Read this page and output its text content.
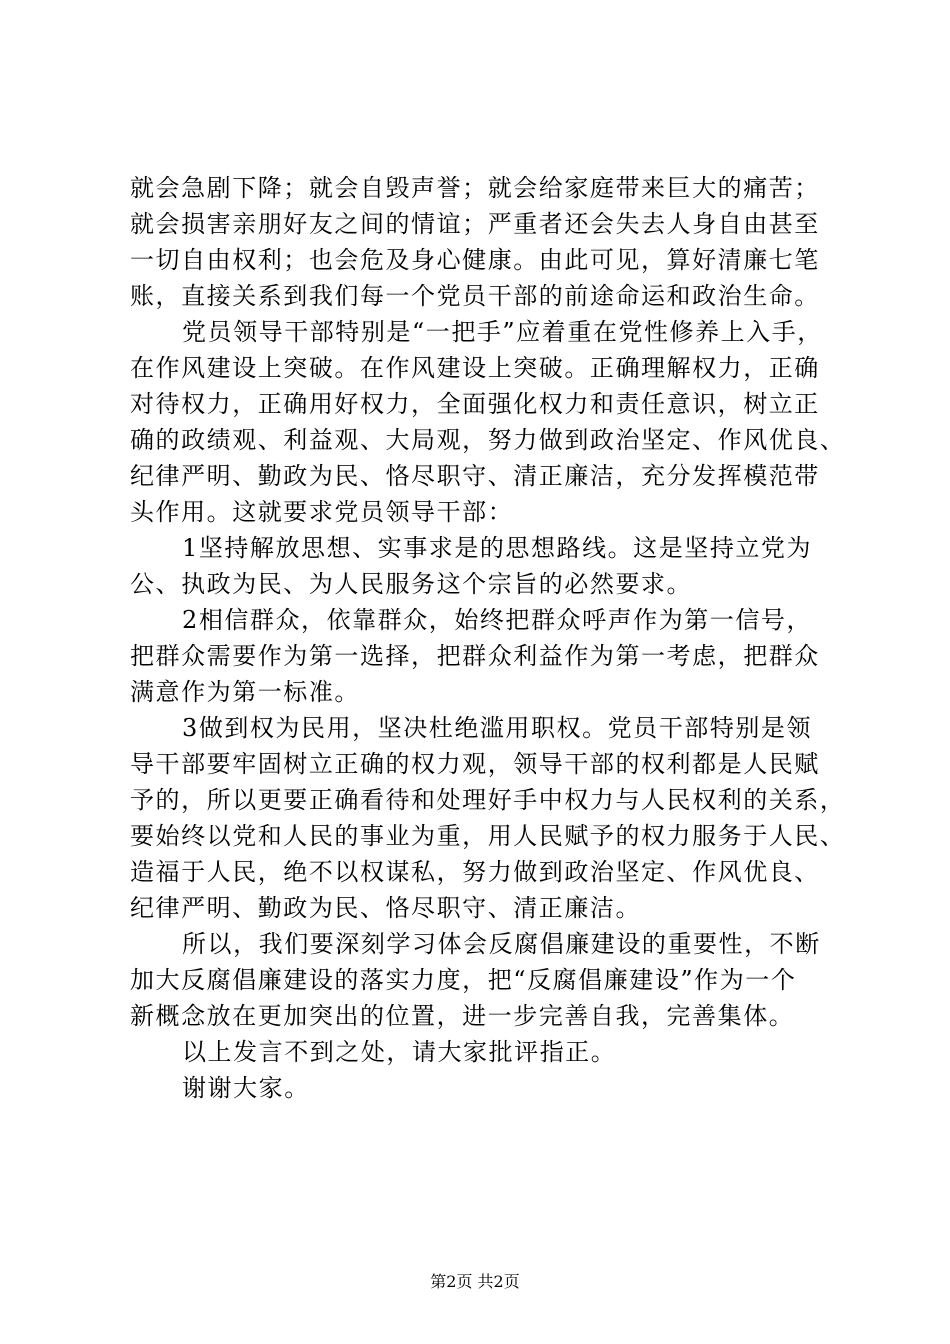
就会急剧下降；就会自毁声誉；就会给家庭带来巨大的痛苦；
就会损害亲朋好友之间的情谊；严重者还会失去人身自由甚至
一切自由权利；也会危及身心健康。由此可见，算好清廉七笔
账，直接关系到我们每一个党员干部的前途命运和政治生命。
党员领导干部特别是“一把手”应着重在党性修养上入手，
在作风建设上突破。在作风建设上突破。正确理解权力，正确
对待权力，正确用好权力，全面强化权力和责任意识，树立正
确的政绩观、利益观、大局观，努力做到政治坚定、作风优良、
纪律严明、勤政为民、恪尽职守、清正廉洁，充分发挥模范带
头作用。这就要求党员领导干部：
1坚持解放思想、实事求是的思想路线。这是坚持立党为
公、执政为民、为人民服务这个宗旨的必然要求。
2相信群众，依靠群众，始终把群众呼声作为第一信号，
把群众需要作为第一选择，把群众利益作为第一考虑，把群众
满意作为第一标准。
3做到权为民用，坚决杜绝滥用职权。党员干部特别是领
导干部要牢固树立正确的权力观，领导干部的权利都是人民赋
予的，所以更要正确看待和处理好手中权力与人民权利的关系，
要始终以党和人民的事业为重，用人民赋予的权力服务于人民、
造福于人民，绝不以权谋私，努力做到政治坚定、作风优良、
纪律严明、勤政为民、恪尽职守、清正廉洁。
所以，我们要深刻学习体会反腐倡廉建设的重要性，不断
加大反腐倡廉建设的落实力度，把“反腐倡廉建设”作为一个
新概念放在更加突出的位置，进一步完善自我，完善集体。
以上发言不到之处，请大家批评指正。
谢谢大家。
第2页 共2页
